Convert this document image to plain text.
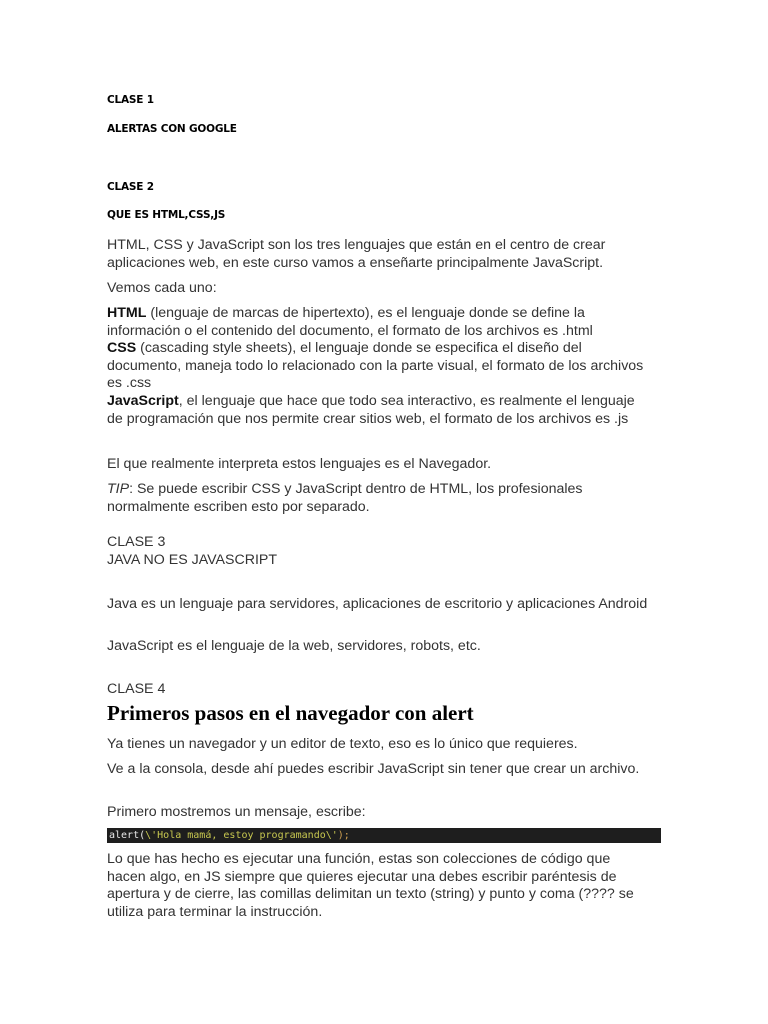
CLASE 1

ALERTAS CON GOOGLE

CLASE 2

QUE ES HTML,CSS,JS

HTML, CSS y JavaScript son los tres lenguajes que están en el centro de crear aplicaciones web, en este curso vamos a enseñarte principalmente JavaScript.

Vemos cada uno:

HTML (lenguaje de marcas de hipertexto), es el lenguaje donde se define la información o el contenido del documento, el formato de los archivos es .html
CSS (cascading style sheets), el lenguaje donde se especifica el diseño del documento, maneja todo lo relacionado con la parte visual, el formato de los archivos es .css
JavaScript, el lenguaje que hace que todo sea interactivo, es realmente el lenguaje de programación que nos permite crear sitios web, el formato de los archivos es .js

El que realmente interpreta estos lenguajes es el Navegador.

TIP: Se puede escribir CSS y JavaScript dentro de HTML, los profesionales normalmente escriben esto por separado.

CLASE 3

JAVA NO ES JAVASCRIPT

Java es un lenguaje para servidores, aplicaciones de escritorio y aplicaciones Android

JavaScript es el lenguaje de la web, servidores, robots, etc.

CLASE 4

Primeros pasos en el navegador con alert

Ya tienes un navegador y un editor de texto, eso es lo único que requieres.

Ve a la consola, desde ahí puedes escribir JavaScript sin tener que crear un archivo.

Primero mostremos un mensaje, escribe:

alert(\'Hola mamá, estoy programando\');

Lo que has hecho es ejecutar una función, estas son colecciones de código que hacen algo, en JS siempre que quieres ejecutar una debes escribir paréntesis de apertura y de cierre, las comillas delimitan un texto (string) y punto y coma (???? se utiliza para terminar la instrucción.
